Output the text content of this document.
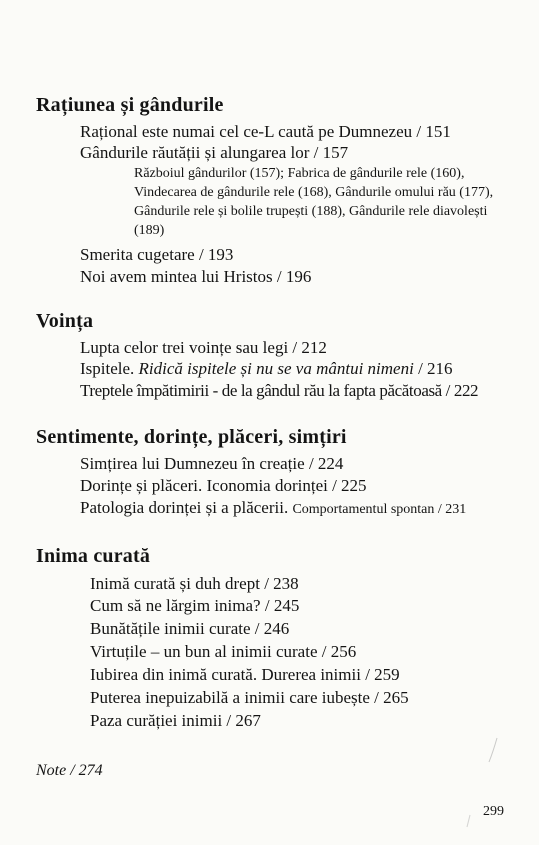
Rațiunea și gândurile
Rațional este numai cel ce-L caută pe Dumnezeu / 151
Gândurile răutății și alungarea lor / 157
Războiul gândurilor (157); Fabrica de gândurile rele (160), Vindecarea de gândurile rele (168), Gândurile omului rău (177), Gândurile rele și bolile trupești (188), Gândurile rele diavolești (189)
Smerita cugetare / 193
Noi avem mintea lui Hristos / 196
Voința
Lupta celor trei voințe sau legi / 212
Ispitele. Ridică ispitele și nu se va mântui nimeni / 216
Treptele împătimirii - de la gândul rău la fapta păcătoasă / 222
Sentimente, dorințe, plăceri, simțiri
Simțirea lui Dumnezeu în creație / 224
Dorințe și plăceri. Iconomia dorinței / 225
Patologia dorinței și a plăcerii. Comportamentul spontan / 231
Inima curată
Inimă curată și duh drept / 238
Cum să ne lărgim inima? / 245
Bunătățile inimii curate / 246
Virtuțile – un bun al inimii curate / 256
Iubirea din inimă curată. Durerea inimii / 259
Puterea inepuizabilă a inimii care iubește / 265
Paza curăției inimii / 267
Note / 274
299
